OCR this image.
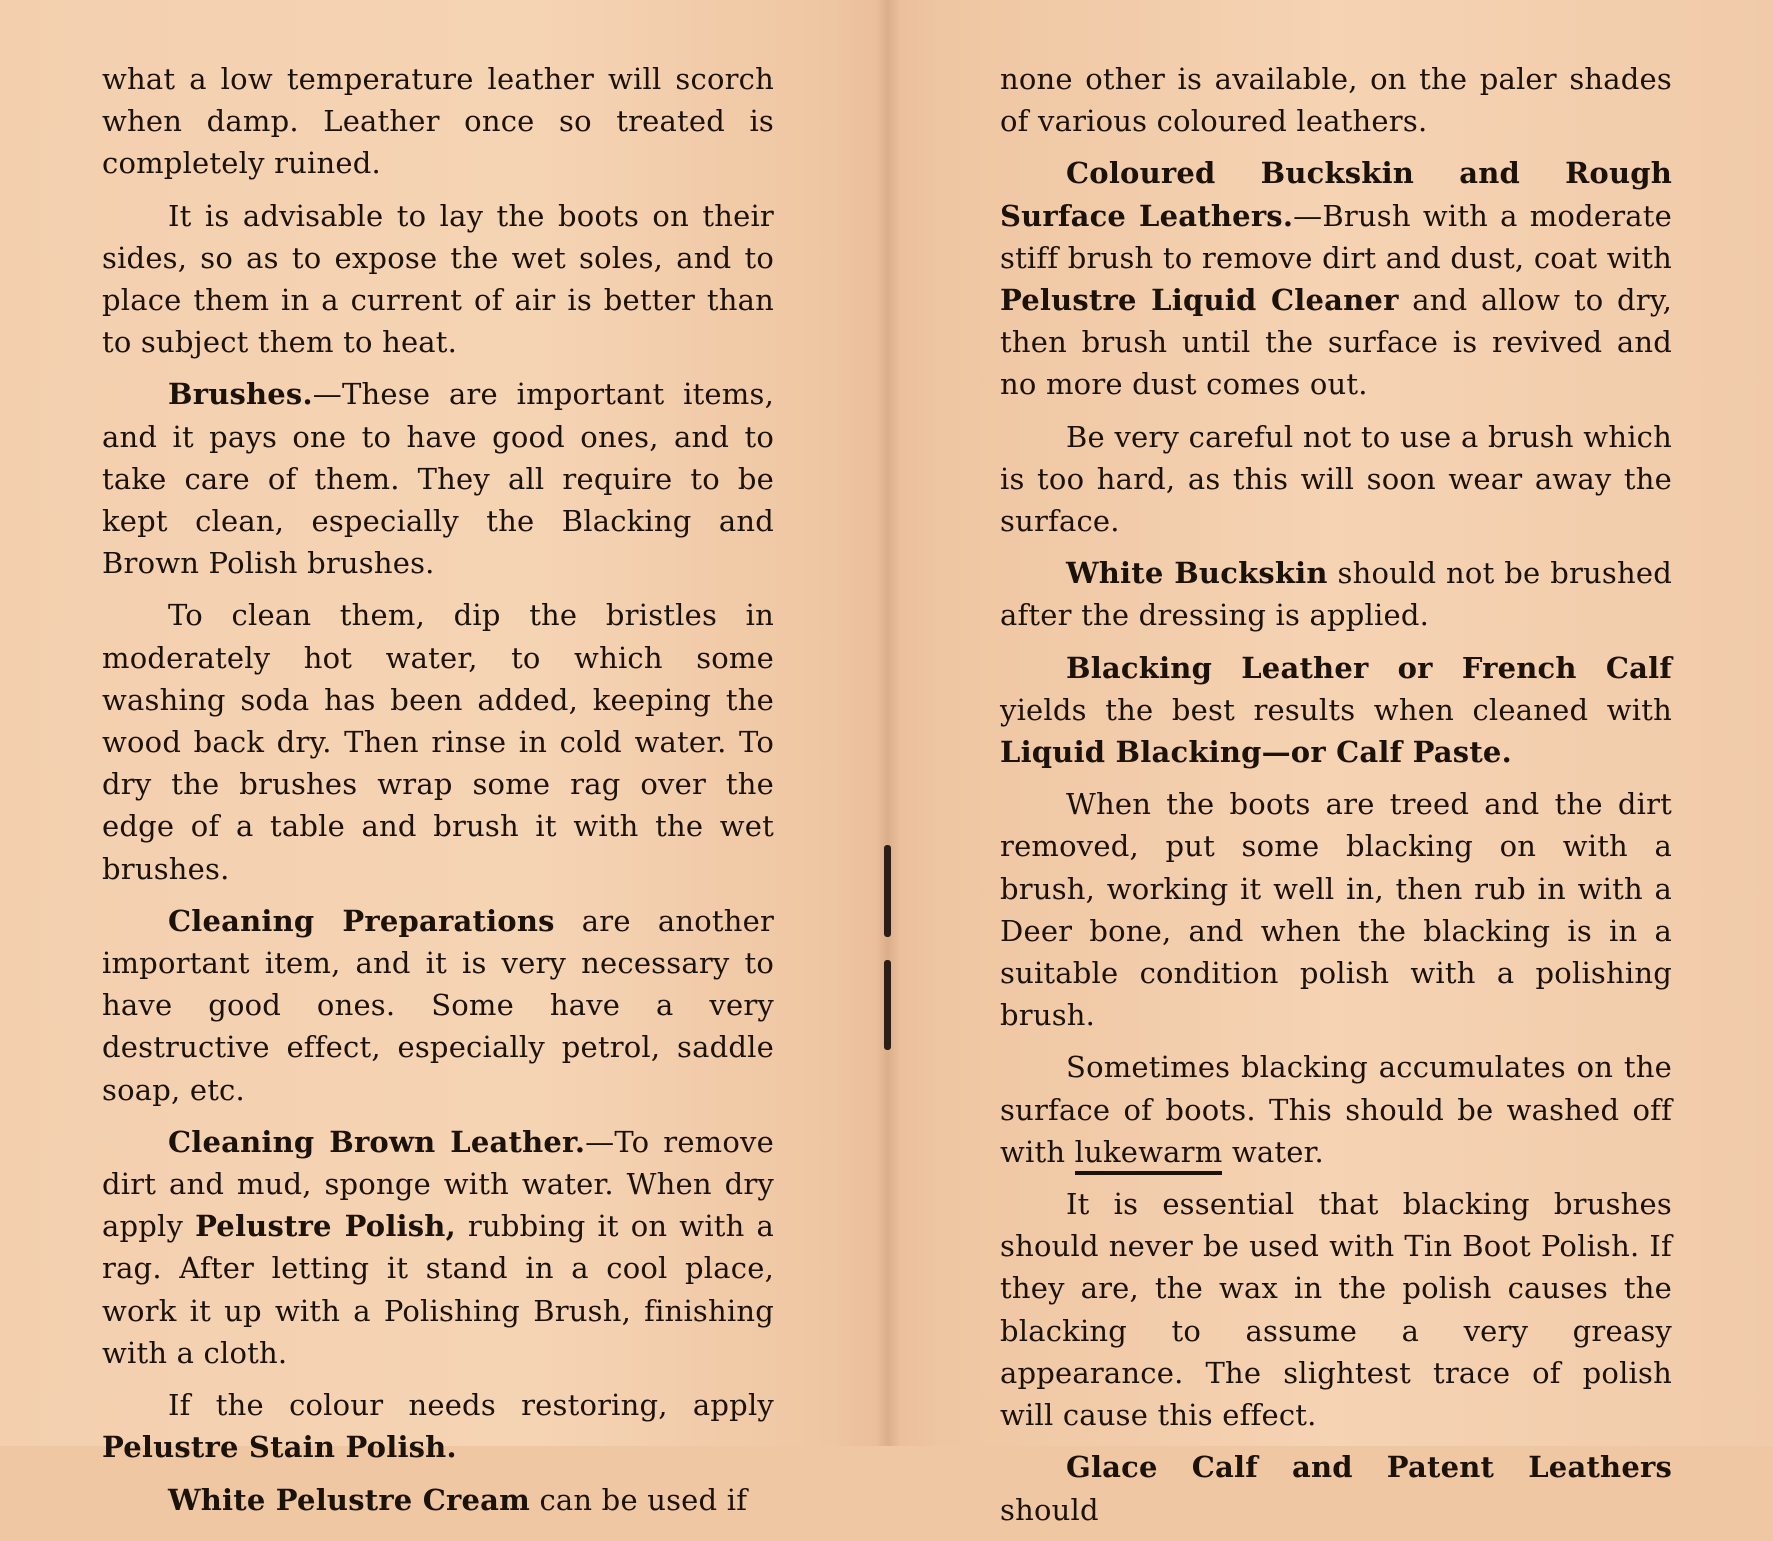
what a low temperature leather will scorch when damp. Leather once so treated is completely ruined.

It is advisable to lay the boots on their sides, so as to expose the wet soles, and to place them in a current of air is better than to subject them to heat.

Brushes.—These are important items, and it pays one to have good ones, and to take care of them. They all require to be kept clean, especially the Blacking and Brown Polish brushes.

To clean them, dip the bristles in moderately hot water, to which some washing soda has been added, keeping the wood back dry. Then rinse in cold water. To dry the brushes wrap some rag over the edge of a table and brush it with the wet brushes.

Cleaning Preparations are another important item, and it is very necessary to have good ones. Some have a very destructive effect, especially petrol, saddle soap, etc.

Cleaning Brown Leather.—To remove dirt and mud, sponge with water. When dry apply Pelustre Polish, rubbing it on with a rag. After letting it stand in a cool place, work it up with a Polishing Brush, finishing with a cloth.

If the colour needs restoring, apply Pelustre Stain Polish.

White Pelustre Cream can be used if

none other is available, on the paler shades of various coloured leathers.

Coloured Buckskin and Rough Surface Leathers.—Brush with a moderate stiff brush to remove dirt and dust, coat with Pelustre Liquid Cleaner and allow to dry, then brush until the surface is revived and no more dust comes out.

Be very careful not to use a brush which is too hard, as this will soon wear away the surface.

White Buckskin should not be brushed after the dressing is applied.

Blacking Leather or French Calf yields the best results when cleaned with Liquid Blacking—or Calf Paste.

When the boots are treed and the dirt removed, put some blacking on with a brush, working it well in, then rub in with a Deer bone, and when the blacking is in a suitable condition polish with a polishing brush.

Sometimes blacking accumulates on the surface of boots. This should be washed off with lukewarm water.

It is essential that blacking brushes should never be used with Tin Boot Polish. If they are, the wax in the polish causes the blacking to assume a very greasy appearance. The slightest trace of polish will cause this effect.

Glace Calf and Patent Leathers should
